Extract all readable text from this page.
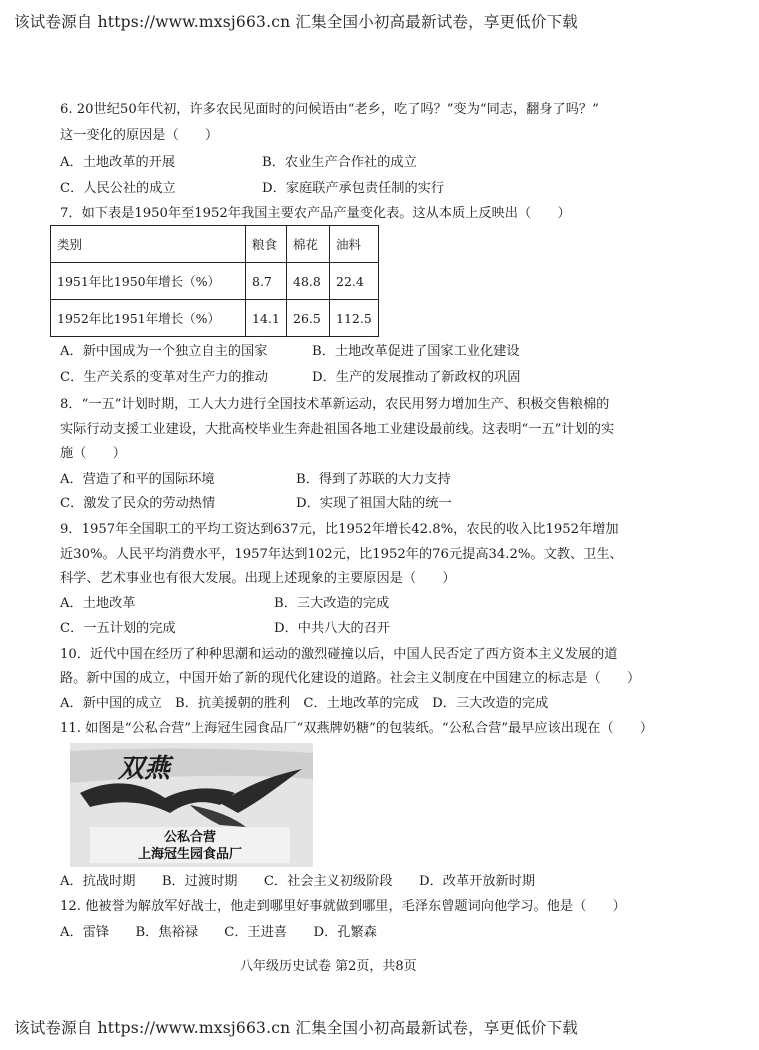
该试卷源自 https://www.mxsj663.cn 汇集全国小初高最新试卷，享更低价下载
6. 20世纪50年代初，许多农民见面时的问候语由“老乡，吃了吗？”变为“同志，翻身了吗？”
这一变化的原因是（　　）
A．土地改革的开展	B．农业生产合作社的成立
C．人民公社的成立	D．家庭联产承包责任制的实行
7．如下表是1950年至1952年我国主要农产品产量变化表。这从本质上反映出（　　）
类别	粮食	棉花	油料
1951年比1950年增长（%）	8.7	48.8	22.4
1952年比1951年增长（%）	14.1	26.5	112.5
A．新中国成为一个独立自主的国家	B．土地改革促进了国家工业化建设
C．生产关系的变革对生产力的推动	D．生产的发展推动了新政权的巩固
8．“一五”计划时期，工人大力进行全国技术革新运动，农民用努力增加生产、积极交售粮棉的
实际行动支援工业建设，大批高校毕业生奔赴祖国各地工业建设最前线。这表明“一五”计划的实
施（　　）
A．营造了和平的国际环境	B．得到了苏联的大力支持
C．激发了民众的劳动热情	D．实现了祖国大陆的统一
9．1957年全国职工的平均工资达到637元，比1952年增长42.8%，农民的收入比1952年增加
近30%。人民平均消费水平，1957年达到102元，比1952年的76元提高34.2%。文教、卫生、
科学、艺术事业也有很大发展。出现上述现象的主要原因是（　　）
A．土地改革	B．三大改造的完成
C．一五计划的完成	D．中共八大的召开
10．近代中国在经历了种种思潮和运动的激烈碰撞以后，中国人民否定了西方资本主义发展的道
路。新中国的成立，中国开始了新的现代化建设的道路。社会主义制度在中国建立的标志是（　　）
A．新中国的成立　B．抗美援朝的胜利　C．土地改革的完成　D．三大改造的完成
11. 如图是“公私合营”上海冠生园食品厂“双燕牌奶糖”的包装纸。“公私合营”最早应该出现在（　　）
双燕
公私合营
上海冠生园食品厂
A．抗战时期　　B．过渡时期　　C．社会主义初级阶段　　D．改革开放新时期
12. 他被誉为解放军好战士，他走到哪里好事就做到哪里，毛泽东曾题词向他学习。他是（　　）
A．雷锋　　B．焦裕禄　　C．王进喜　　D．孔繁森
八年级历史试卷 第2页，共8页
该试卷源自 https://www.mxsj663.cn 汇集全国小初高最新试卷，享更低价下载
